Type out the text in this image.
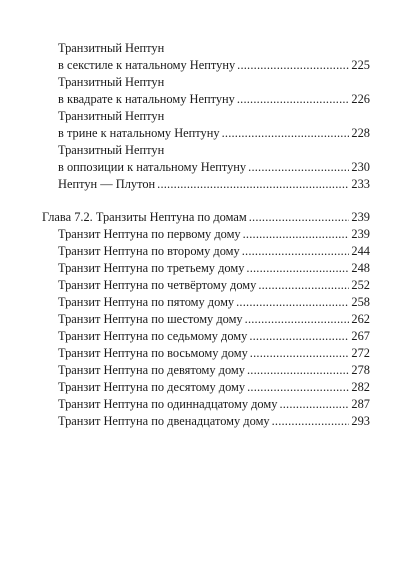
Транзитный Нептун
в секстиле к натальному Нептуну .....	225
Транзитный Нептун
в квадрате к натальному Нептуну .....	226
Транзитный Нептун
в трине к натальному Нептуну .....	228
Транзитный Нептун
в оппозиции к натальному Нептуну .....	230
Нептун — Плутон .....	233
Глава 7.2. Транзиты Нептуна по домам .....	239
Транзит Нептуна по первому дому .....	239
Транзит Нептуна по второму дому .....	244
Транзит Нептуна по третьему дому .....	248
Транзит Нептуна по четвёртому дому .....	252
Транзит Нептуна по пятому дому .....	258
Транзит Нептуна по шестому дому .....	262
Транзит Нептуна по седьмому дому .....	267
Транзит Нептуна по восьмому дому .....	272
Транзит Нептуна по девятому дому .....	278
Транзит Нептуна по десятому дому .....	282
Транзит Нептуна по одиннадцатому дому .....	287
Транзит Нептуна по двенадцатому дому .....	293
